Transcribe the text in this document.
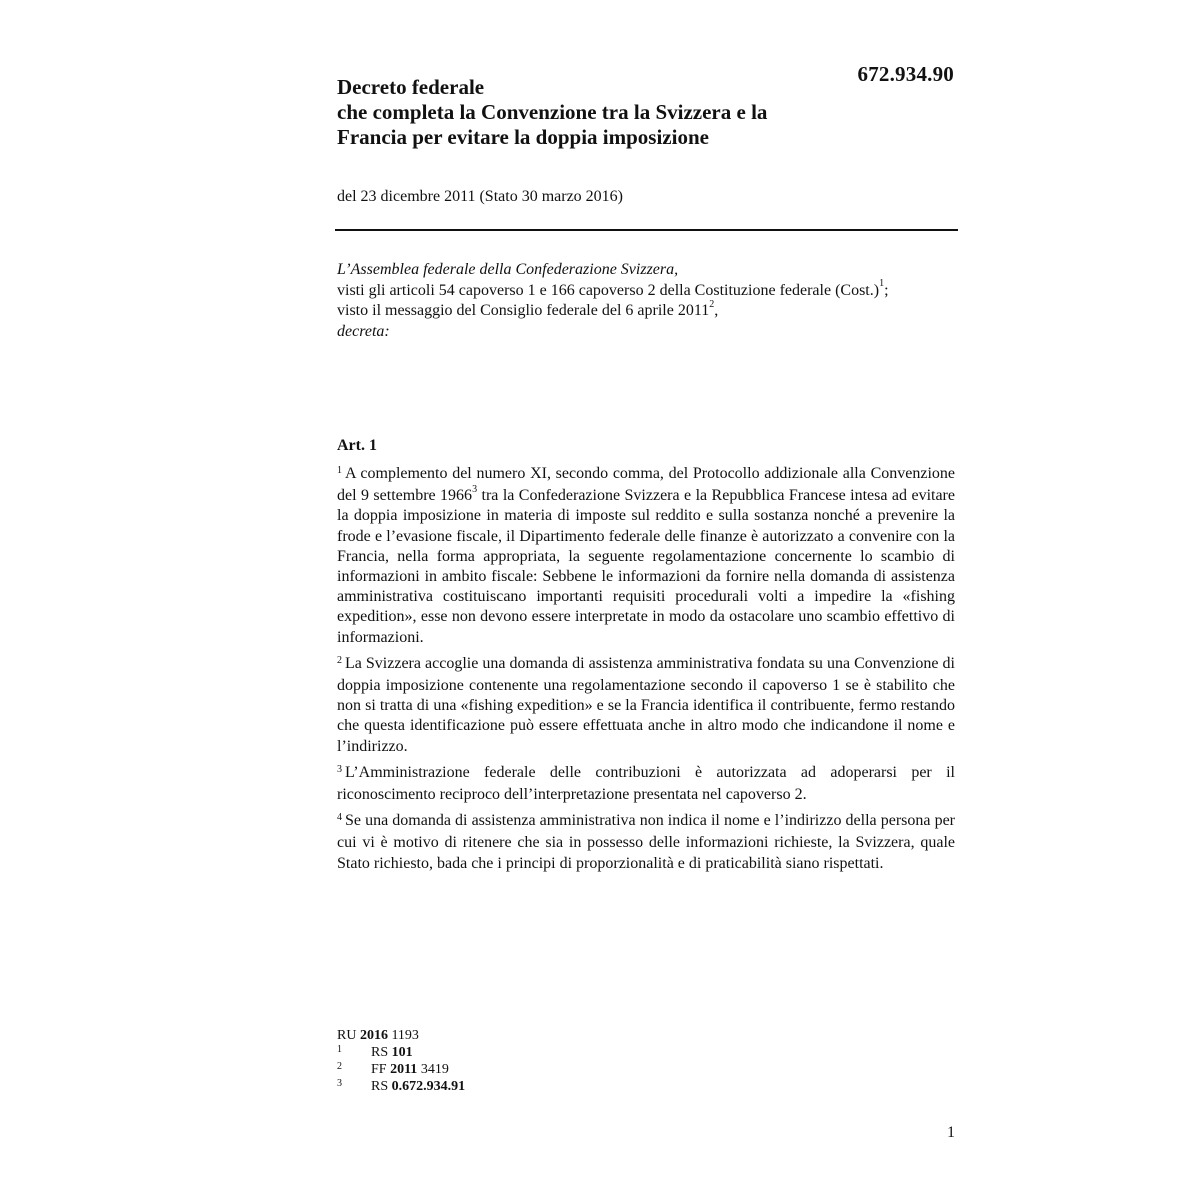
672.934.90
Decreto federale
che completa la Convenzione tra la Svizzera e la
Francia per evitare la doppia imposizione
del 23 dicembre 2011 (Stato 30 marzo 2016)
L’Assemblea federale della Confederazione Svizzera,
visti gli articoli 54 capoverso 1 e 166 capoverso 2 della Costituzione federale (Cost.)$^1$;
visto il messaggio del Consiglio federale del 6 aprile 2011$^2$,
decreta:
Art. 1

$^1$ A complemento del numero XI, secondo comma, del Protocollo addizionale alla Convenzione del 9 settembre 1966$^3$ tra la Confederazione Svizzera e la Repubblica Francese intesa ad evitare la doppia imposizione in materia di imposte sul reddito e sulla sostanza nonché a prevenire la frode e l’evasione fiscale, il Dipartimento federale delle finanze è autorizzato a convenire con la Francia, nella forma appropriata, la seguente regolamentazione concernente lo scambio di informazioni in ambito fiscale: Sebbene le informazioni da fornire nella domanda di assistenza amministrativa costituiscano importanti requisiti procedurali volti a impedire la «fishing expedition», esse non devono essere interpretate in modo da ostacolare uno scambio effettivo di informazioni.

$^2$ La Svizzera accoglie una domanda di assistenza amministrativa fondata su una Convenzione di doppia imposizione contenente una regolamentazione secondo il capoverso 1 se è stabilito che non si tratta di una «fishing expedition» e se la Francia identifica il contribuente, fermo restando che questa identificazione può essere effettuata anche in altro modo che indicandone il nome e l’indirizzo.

$^3$ L’Amministrazione federale delle contribuzioni è autorizzata ad adoperarsi per il riconoscimento reciproco dell’interpretazione presentata nel capoverso 2.

$^4$ Se una domanda di assistenza amministrativa non indica il nome e l’indirizzo della persona per cui vi è motivo di ritenere che sia in possesso delle informazioni richieste, la Svizzera, quale Stato richiesto, bada che i principi di proporzionalità e di praticabilità siano rispettati.

RU 2016 1193
1	RS 101
2	FF 2011 3419
3	RS 0.672.934.91
1
